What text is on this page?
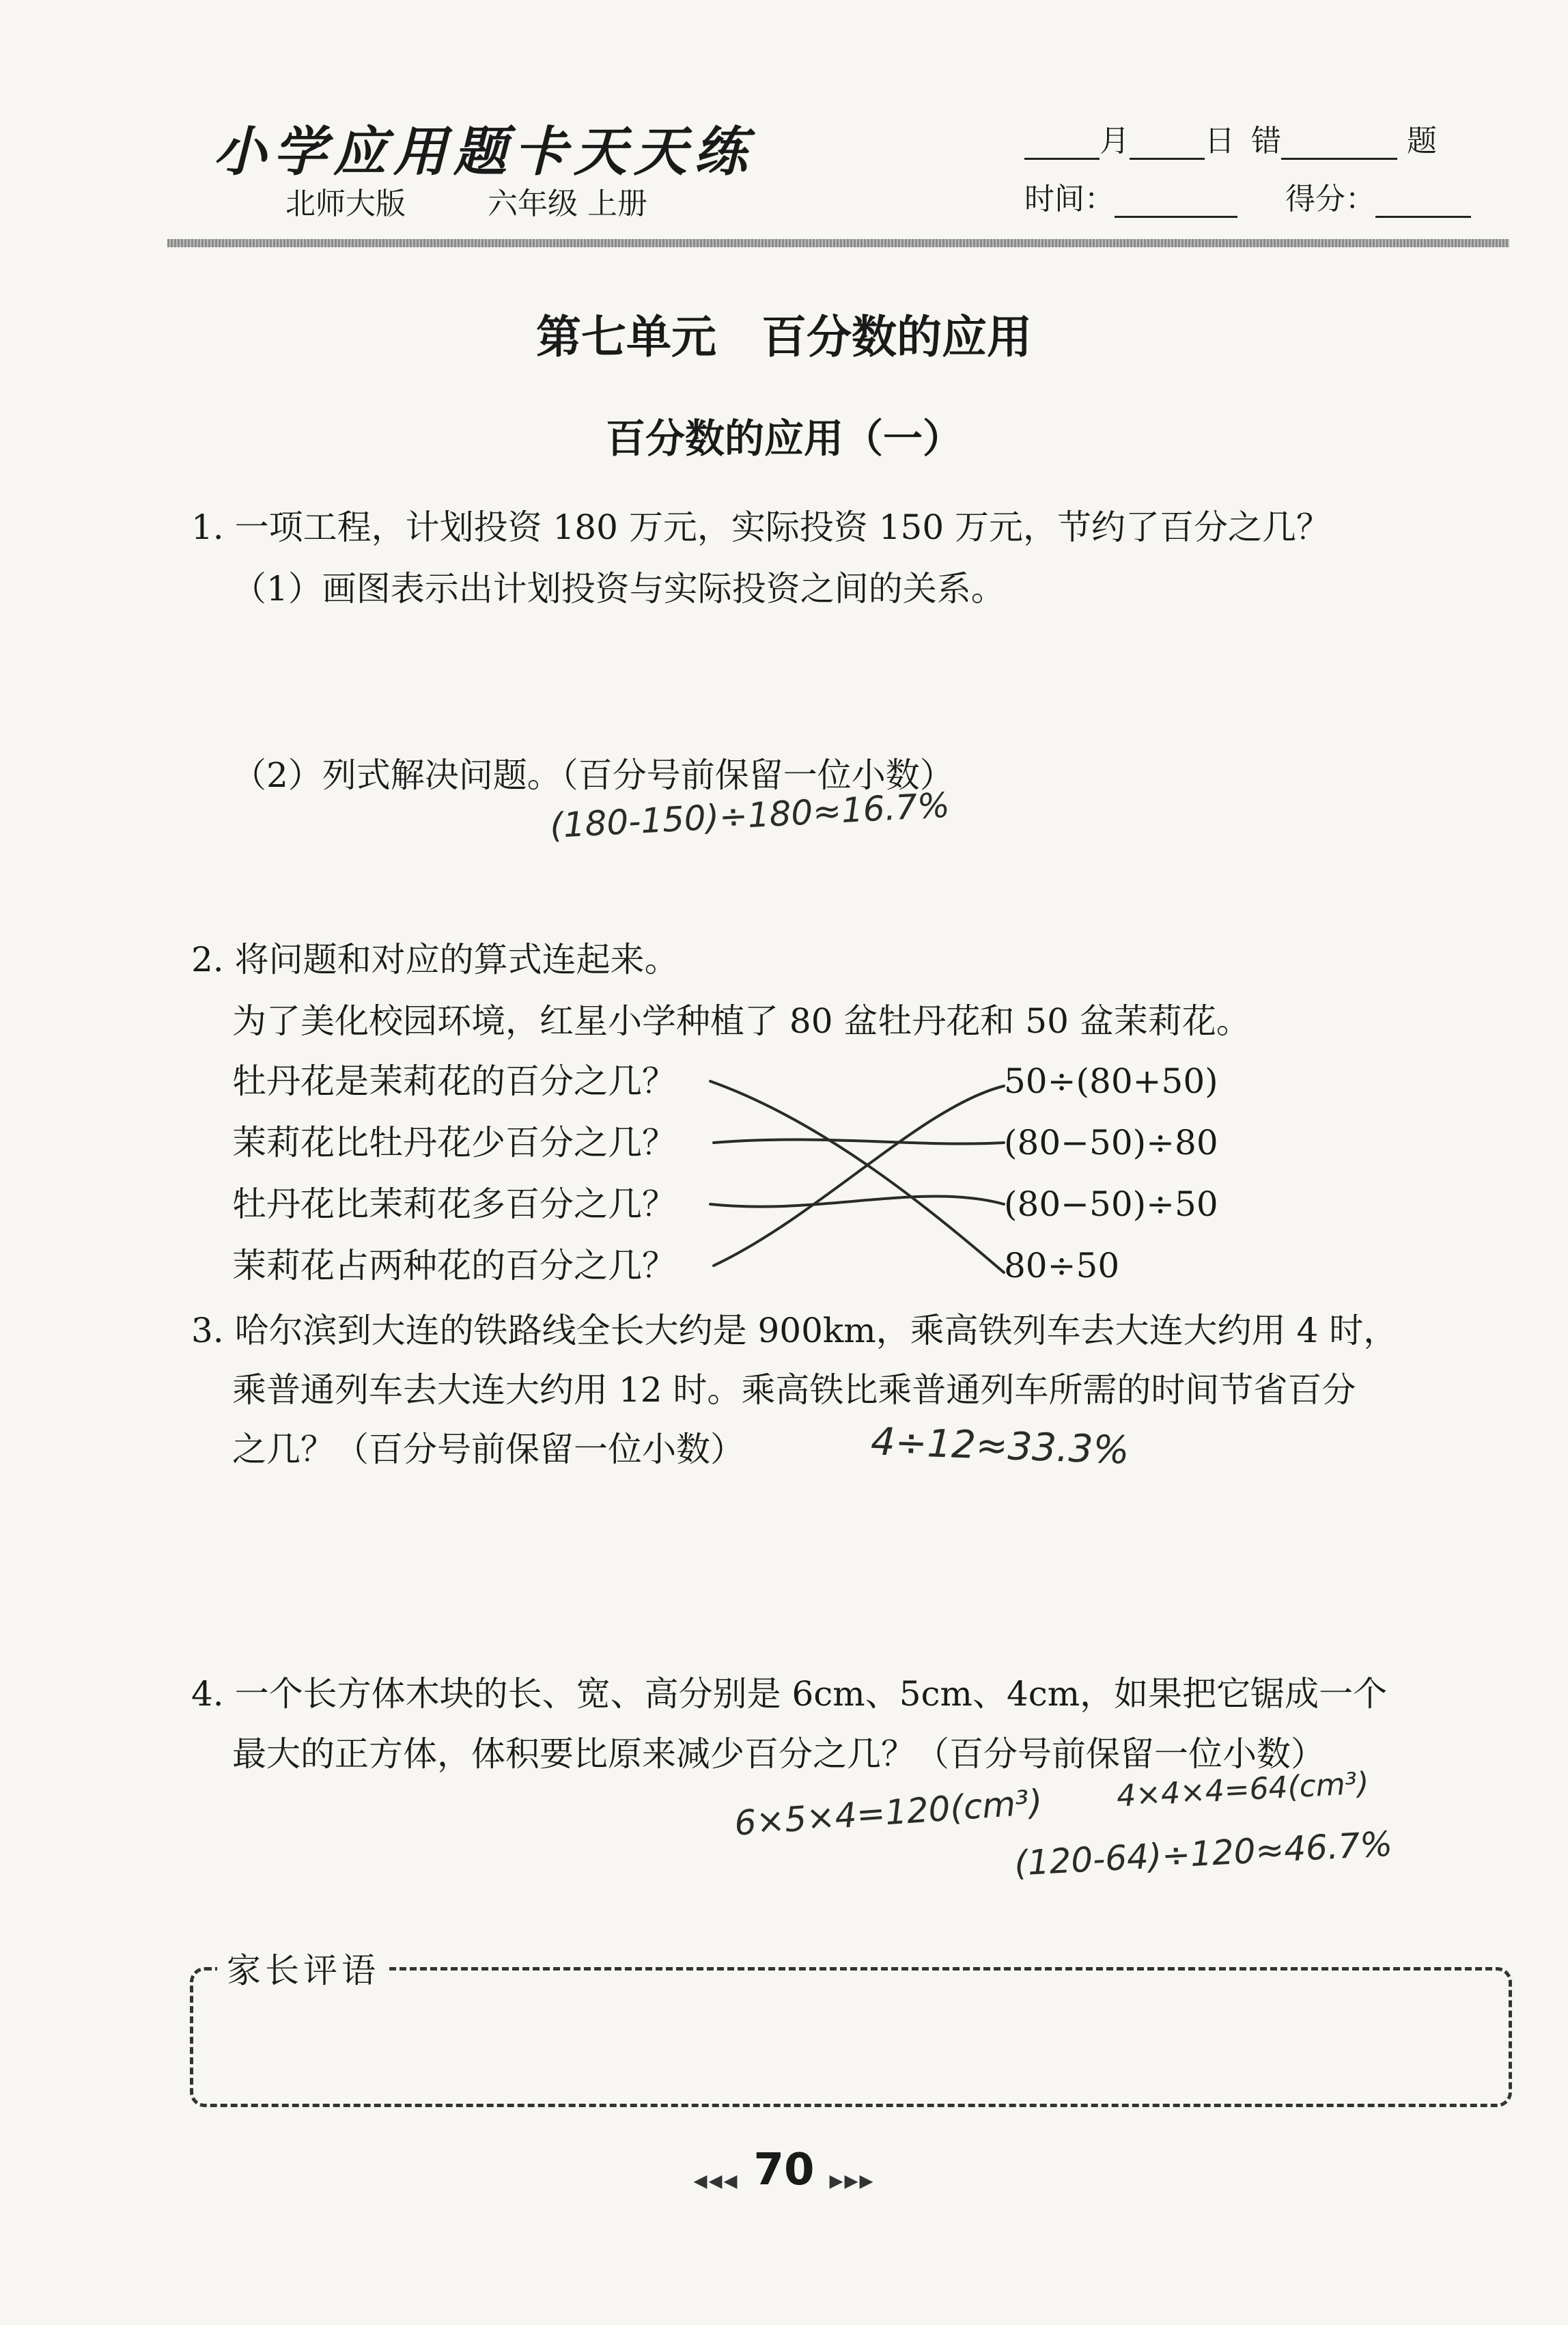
小学应用题卡天天练
北师大版	六年级 上册
月	日 错	题
时间：	得分：
第七单元　百分数的应用
百分数的应用（一）
1. 一项工程，计划投资 180 万元，实际投资 150 万元，节约了百分之几？
（1）画图表示出计划投资与实际投资之间的关系。
（2）列式解决问题。（百分号前保留一位小数）
(180-150)÷180≈16.7%
2. 将问题和对应的算式连起来。
为了美化校园环境，红星小学种植了 80 盆牡丹花和 50 盆茉莉花。
牡丹花是茉莉花的百分之几？
茉莉花比牡丹花少百分之几？
牡丹花比茉莉花多百分之几？
茉莉花占两种花的百分之几？
50÷(80+50)
(80−50)÷80
(80−50)÷50
80÷50
3. 哈尔滨到大连的铁路线全长大约是 900km，乘高铁列车去大连大约用 4 时，
乘普通列车去大连大约用 12 时。乘高铁比乘普通列车所需的时间节省百分
之几？（百分号前保留一位小数）	4÷12≈33.3%
4. 一个长方体木块的长、宽、高分别是 6cm、5cm、4cm，如果把它锯成一个
最大的正方体，体积要比原来减少百分之几？（百分号前保留一位小数）
6×5×4=120(cm³) 4×4×4=64(cm³)
(120-64)÷120≈46.7%
家长评语
◀◀◀ 70 ▶▶▶
